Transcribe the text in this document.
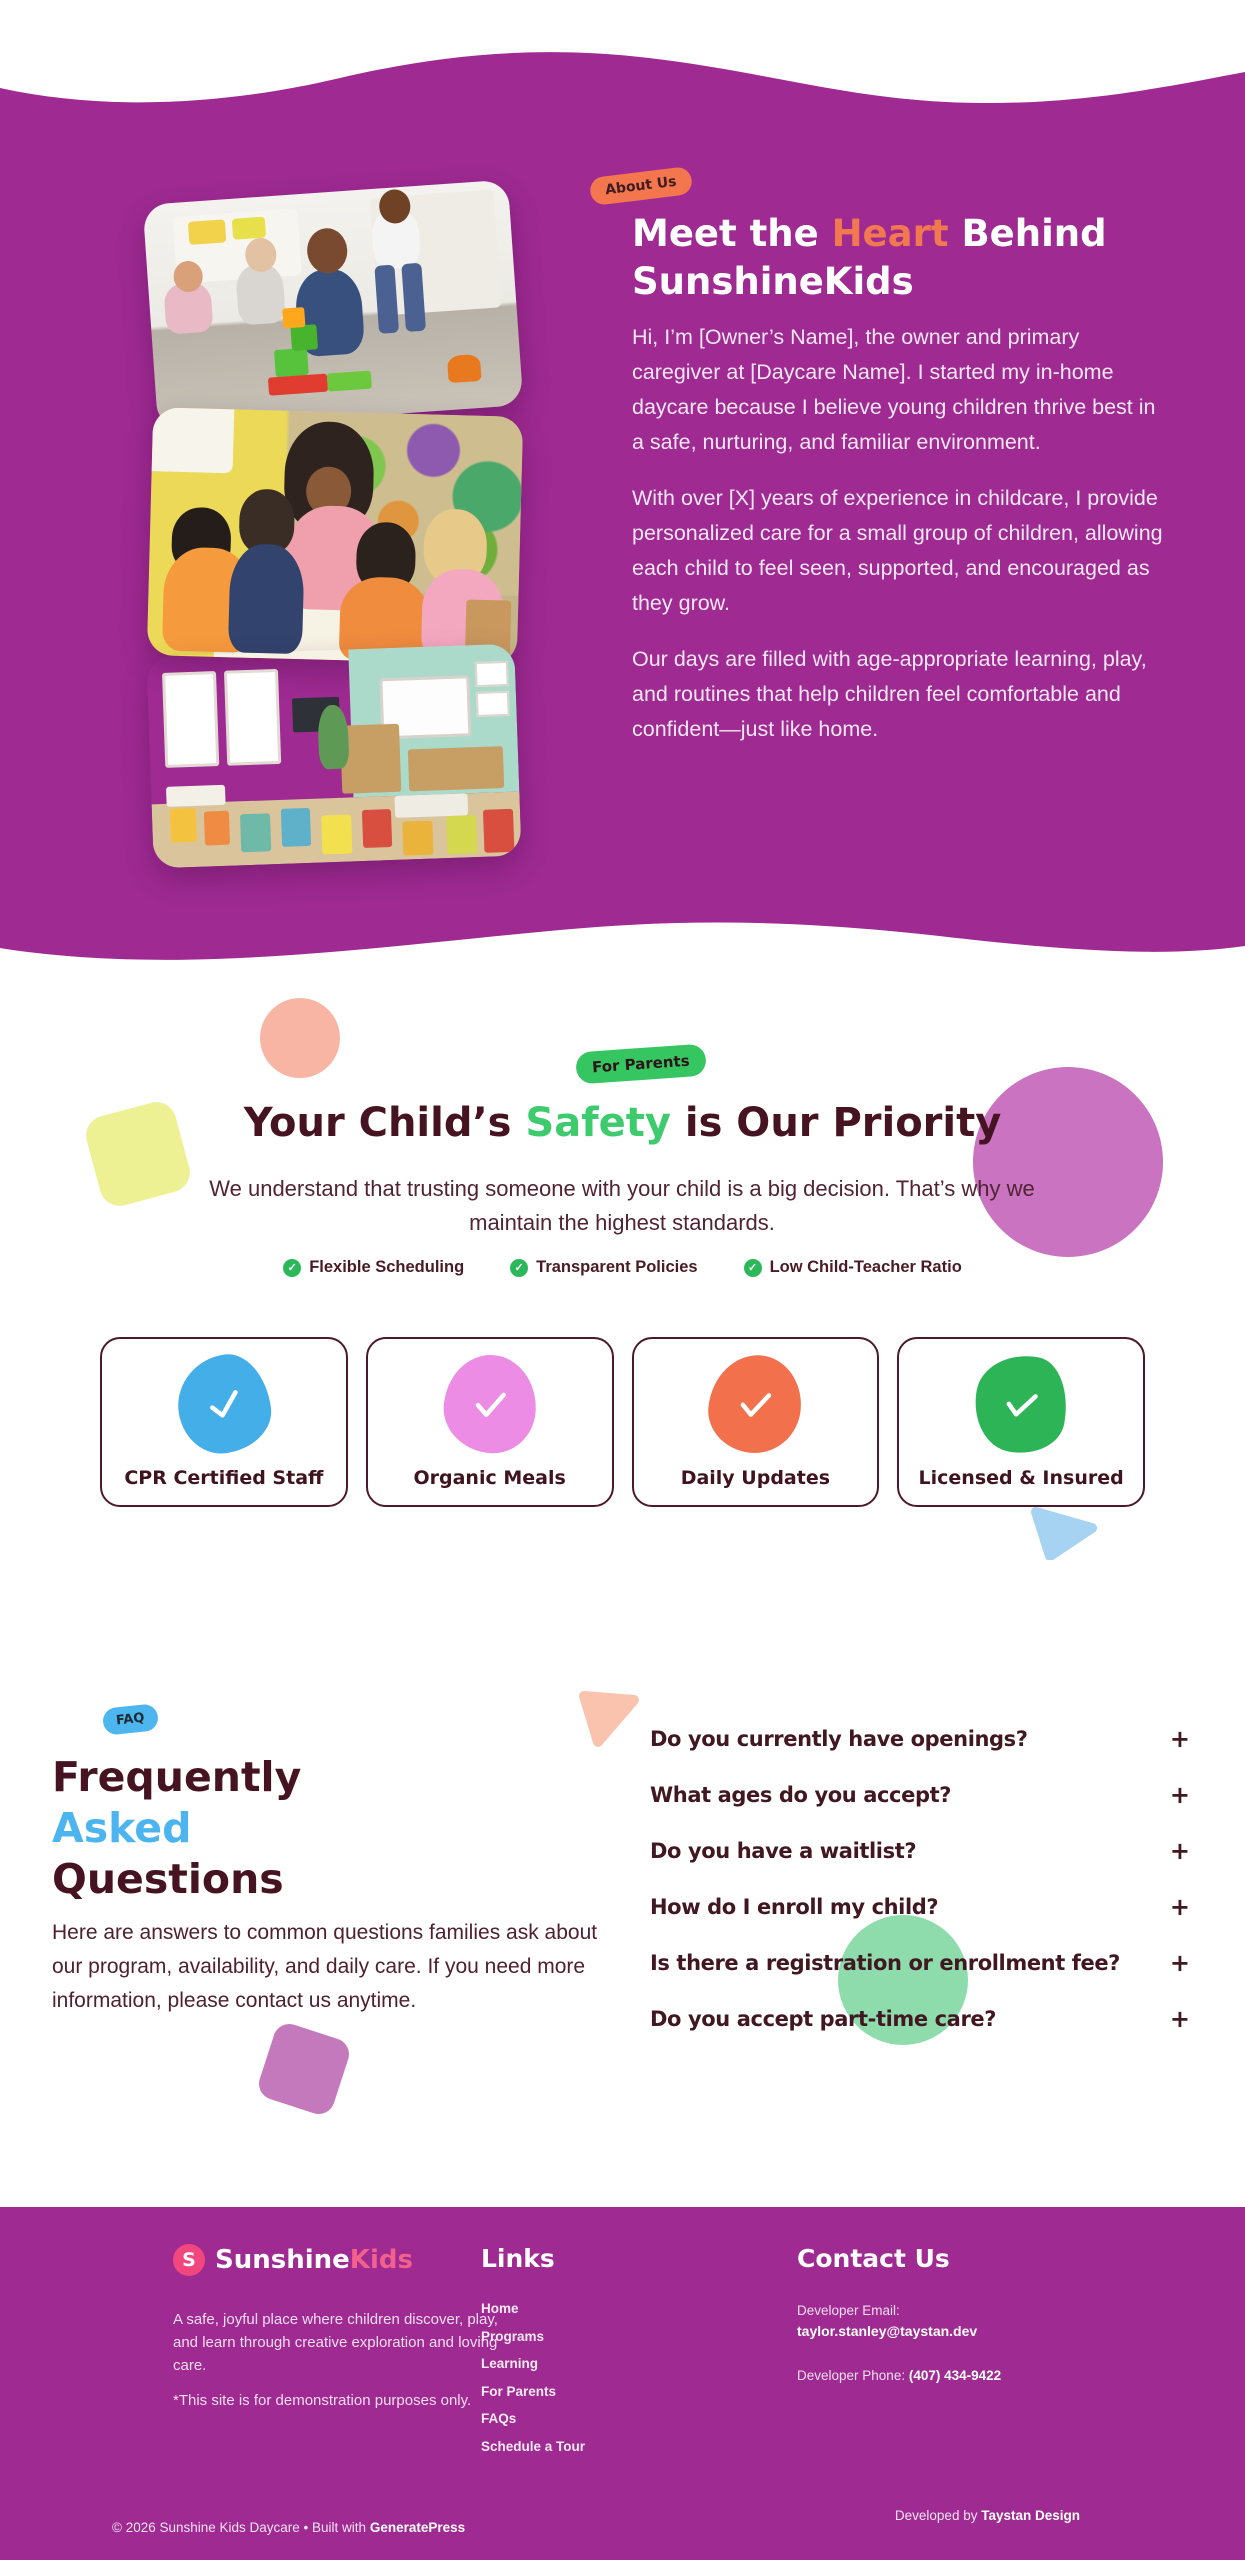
About Us
Meet the Heart Behind SunshineKids

Hi, I’m [Owner’s Name], the owner and primary caregiver at [Daycare Name]. I started my in-home daycare because I believe young children thrive best in a safe, nurturing, and familiar environment.

With over [X] years of experience in childcare, I provide personalized care for a small group of children, allowing each child to feel seen, supported, and encouraged as they grow.

Our days are filled with age-appropriate learning, play, and routines that help children feel comfortable and confident—just like home.

For Parents
Your Child’s Safety is Our Priority
We understand that trusting someone with your child is a big decision. That’s why we maintain the highest standards.
✓ Flexible Scheduling	✓ Transparent Policies	✓ Low Child-Teacher Ratio
CPR Certified Staff	Organic Meals	Daily Updates	Licensed & Insured
FAQ
Frequently
Asked
Questions
Here are answers to common questions families ask about our program, availability, and daily care. If you need more information, please contact us anytime.
Do you currently have openings?	+
What ages do you accept?	+
Do you have a waitlist?	+
How do I enroll my child?	+
Is there a registration or enrollment fee? +
Do you accept part-time care?	+
S SunshineKids
A safe, joyful place where children discover, play, and learn through creative exploration and loving care.
*This site is for demonstration purposes only.
Links
Home
Programs
Learning
For Parents
FAQs
Schedule a Tour
Contact Us
Developer Email:
taylor.stanley@taystan.dev
Developer Phone: (407) 434-9422
© 2026 Sunshine Kids Daycare • Built with GeneratePress
Developed by Taystan Design
